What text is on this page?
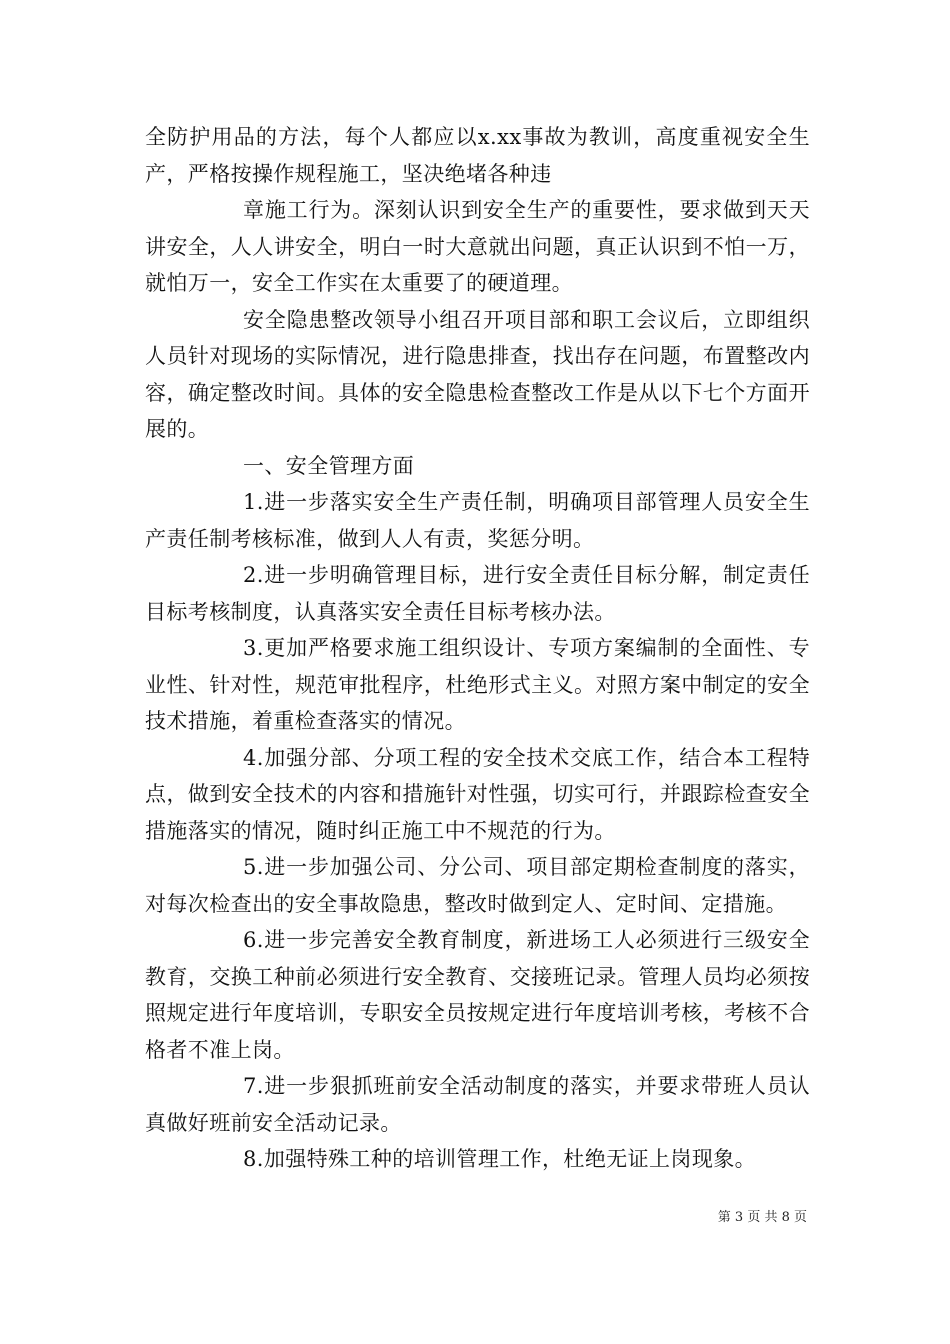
全防护用品的方法，每个人都应以x.xx事故为教训，高度重视安全生产，严格按操作规程施工，坚决绝堵各种违

章施工行为。深刻认识到安全生产的重要性，要求做到天天讲安全，人人讲安全，明白一时大意就出问题，真正认识到不怕一万，就怕万一，安全工作实在太重要了的硬道理。

安全隐患整改领导小组召开项目部和职工会议后，立即组织人员针对现场的实际情况，进行隐患排查，找出存在问题，布置整改内容，确定整改时间。具体的安全隐患检查整改工作是从以下七个方面开展的。

一、安全管理方面

1.进一步落实安全生产责任制，明确项目部管理人员安全生产责任制考核标准，做到人人有责，奖惩分明。

2.进一步明确管理目标，进行安全责任目标分解，制定责任目标考核制度，认真落实安全责任目标考核办法。

3.更加严格要求施工组织设计、专项方案编制的全面性、专业性、针对性，规范审批程序，杜绝形式主义。对照方案中制定的安全技术措施，着重检查落实的情况。

4.加强分部、分项工程的安全技术交底工作，结合本工程特点，做到安全技术的内容和措施针对性强，切实可行，并跟踪检查安全措施落实的情况，随时纠正施工中不规范的行为。

5.进一步加强公司、分公司、项目部定期检查制度的落实，对每次检查出的安全事故隐患，整改时做到定人、定时间、定措施。

6.进一步完善安全教育制度，新进场工人必须进行三级安全教育，交换工种前必须进行安全教育、交接班记录。管理人员均必须按照规定进行年度培训，专职安全员按规定进行年度培训考核，考核不合格者不准上岗。

7.进一步狠抓班前安全活动制度的落实，并要求带班人员认真做好班前安全活动记录。

8.加强特殊工种的培训管理工作，杜绝无证上岗现象。

第 3 页 共 8 页
